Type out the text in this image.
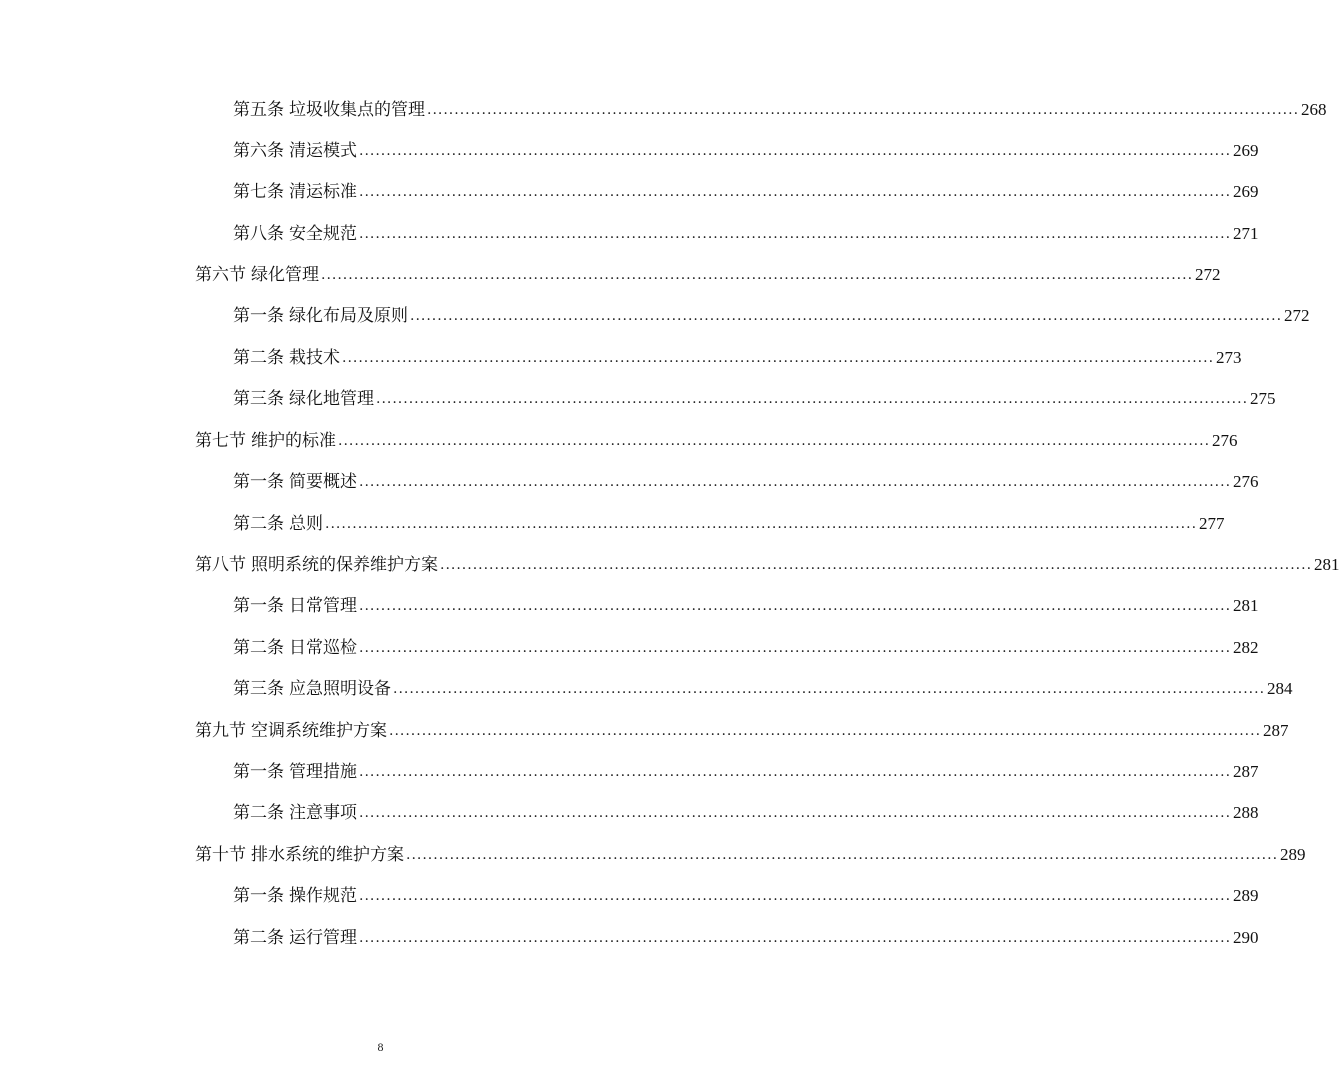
第五条 垃圾收集点的管理 ................................................................................................................................................................ 268
第六条 清运模式 ................................................................................................................................................................ 269
第七条 清运标准 ................................................................................................................................................................ 269
第八条 安全规范 ................................................................................................................................................................ 271
第六节 绿化管理 ................................................................................................................................................................ 272
第一条 绿化布局及原则 ................................................................................................................................................................ 272
第二条 栽技术 ................................................................................................................................................................ 273
第三条 绿化地管理 ................................................................................................................................................................ 275
第七节 维护的标准 ................................................................................................................................................................ 276
第一条 简要概述 ................................................................................................................................................................ 276
第二条 总则 ................................................................................................................................................................ 277
第八节 照明系统的保养维护方案 ................................................................................................................................................................ 281
第一条 日常管理 ................................................................................................................................................................ 281
第二条 日常巡检 ................................................................................................................................................................ 282
第三条 应急照明设备 ................................................................................................................................................................ 284
第九节 空调系统维护方案 ................................................................................................................................................................ 287
第一条 管理措施 ................................................................................................................................................................ 287
第二条 注意事项 ................................................................................................................................................................ 288
第十节 排水系统的维护方案 ................................................................................................................................................................ 289
第一条 操作规范 ................................................................................................................................................................ 289
第二条 运行管理 ................................................................................................................................................................ 290
8
